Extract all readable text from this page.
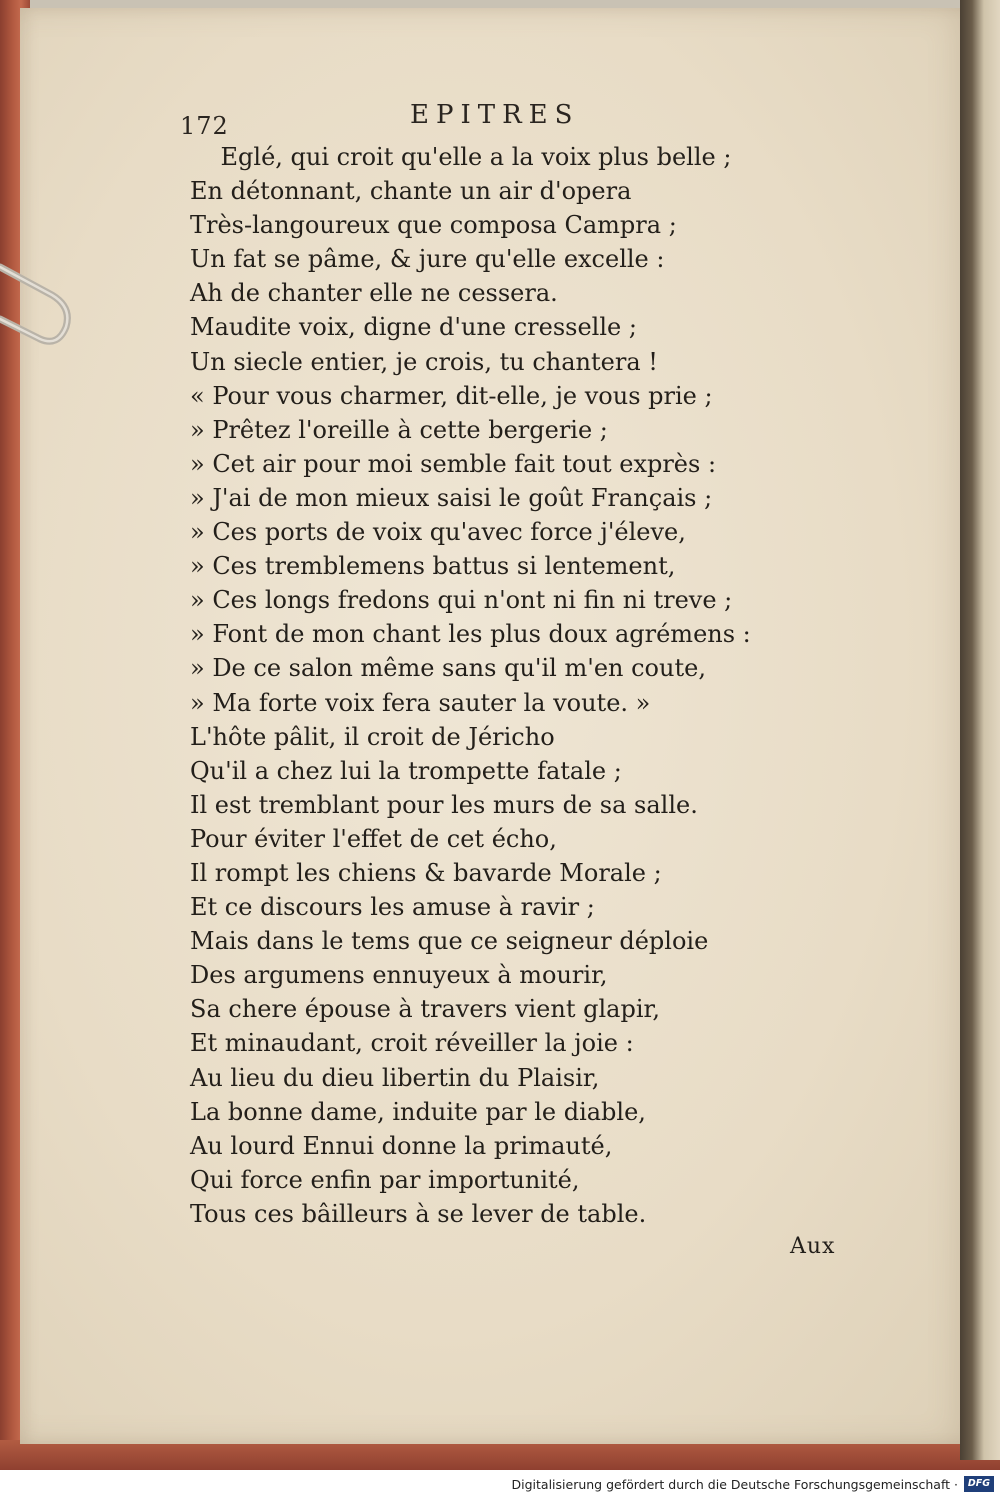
172	EPITRES
Eglé, qui croit qu'elle a la voix plus belle ;
En détonnant, chante un air d'opera
Très-langoureux que composa Campra ;
Un fat se pâme, & jure qu'elle excelle :
Ah de chanter elle ne cessera.
Maudite voix, digne d'une cresselle ;
Un siecle entier, je crois, tu chantera !
« Pour vous charmer, dit-elle, je vous prie ;
» Prêtez l'oreille à cette bergerie ;
» Cet air pour moi semble fait tout exprès :
» J'ai de mon mieux saisi le goût Français ;
» Ces ports de voix qu'avec force j'éleve,
» Ces tremblemens battus si lentement,
» Ces longs fredons qui n'ont ni fin ni treve ;
» Font de mon chant les plus doux agrémens :
» De ce salon même sans qu'il m'en coute,
» Ma forte voix fera sauter la voute. »
L'hôte pâlit, il croit de Jéricho
Qu'il a chez lui la trompette fatale ;
Il est tremblant pour les murs de sa salle.
Pour éviter l'effet de cet écho,
Il rompt les chiens & bavarde Morale ;
Et ce discours les amuse à ravir ;
Mais dans le tems que ce seigneur déploie
Des argumens ennuyeux à mourir,
Sa chere épouse à travers vient glapir,
Et minaudant, croit réveiller la joie :
Au lieu du dieu libertin du Plaisir,
La bonne dame, induite par le diable,
Au lourd Ennui donne la primauté,
Qui force enfin par importunité,
Tous ces bâilleurs à se lever de table.
Aux
Digitalisierung gefördert durch die Deutsche Forschungsgemeinschaft ·	DFG
